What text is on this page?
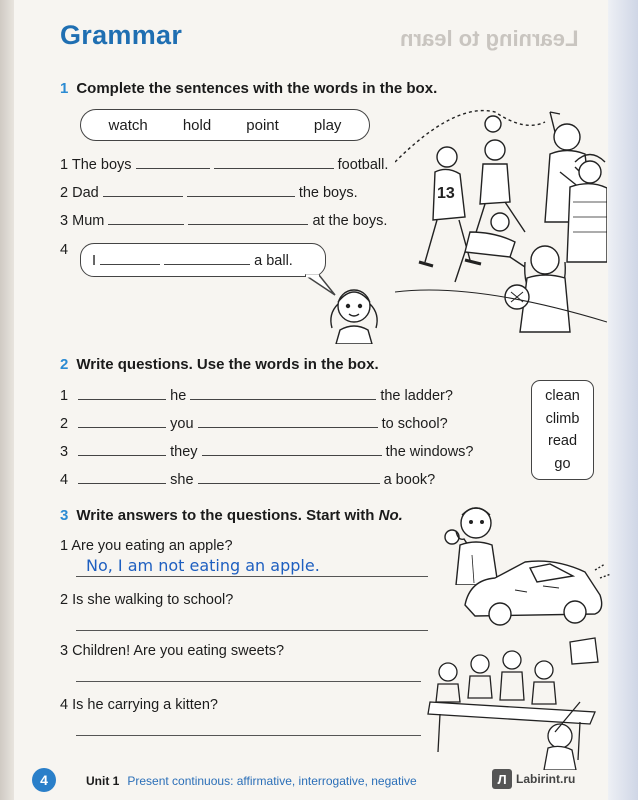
Learning to learn
Grammar
1 Complete the sentences with the words in the box.
watch hold point play
1 The boys	football.
2 Dad	the boys.
3 Mum	at the boys.
4
I	a ball.
13
2 Write questions. Use the words in the box.
1	he	the ladder?
2	you	to school?
3	they	the windows?
4	she	a book?
clean
climb
read
go
3 Write answers to the questions. Start with No.
1 Are you eating an apple?
No, I am not eating an apple.
2 Is she walking to school?
3 Children! Are you eating sweets?
4 Is he carrying a kitten?
4	Unit 1 Present continuous: affirmative, interrogative, negative	Л Labirint.ru
